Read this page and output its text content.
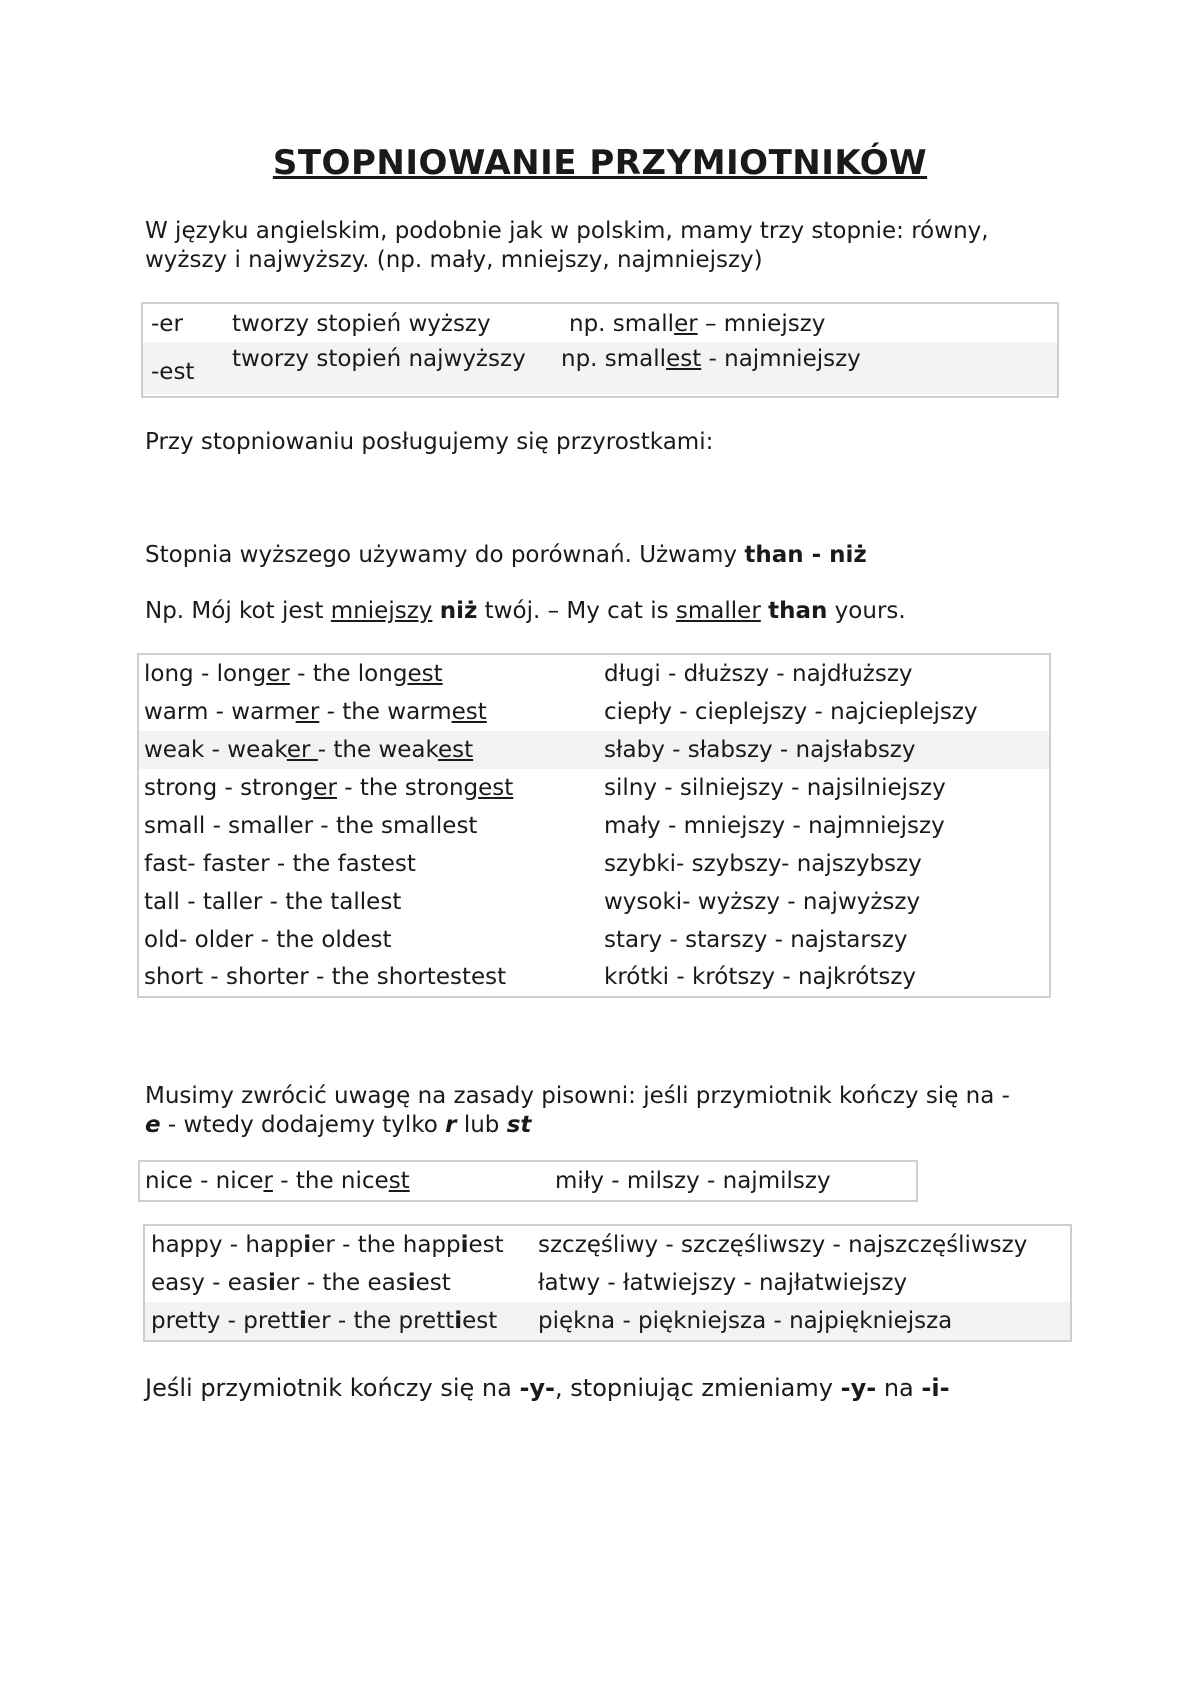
STOPNIOWANIE PRZYMIOTNIKÓW
W języku angielskim, podobnie jak w polskim, mamy trzy stopnie: równy,
wyższy i najwyższy. (np. mały, mniejszy, najmniejszy)
-er tworzy stopień wyższy	np. smaller – mniejszy
-est tworzy stopień najwyższy np. smallest - najmniejszy
Przy stopniowaniu posługujemy się przyrostkami:
Stopnia wyższego używamy do porównań. Użwamy than - niż
Np. Mój kot jest mniejszy niż twój. – My cat is smaller than yours.
long - longer - the longest	długi - dłuższy - najdłuższy
warm - warmer - the warmest	ciepły - cieplejszy - najcieplejszy
weak - weaker - the weakest	słaby - słabszy - najsłabszy
strong - stronger - the strongest	silny - silniejszy - najsilniejszy
small - smaller - the smallest	mały - mniejszy - najmniejszy
fast- faster - the fastest	szybki- szybszy- najszybszy
tall - taller - the tallest	wysoki- wyższy - najwyższy
old- older - the oldest	stary - starszy - najstarszy
short - shorter - the shortestest	krótki - krótszy - najkrótszy
Musimy zwrócić uwagę na zasady pisowni: jeśli przymiotnik kończy się na -
e - wtedy dodajemy tylko r lub st
nice - nicer - the nicest	miły - milszy - najmilszy
happy - happier - the happiest szczęśliwy - szczęśliwszy - najszczęśliwszy
easy - easier - the easiest	łatwy - łatwiejszy - najłatwiejszy
pretty - prettier - the prettiest piękna - piękniejsza - najpiękniejsza
Jeśli przymiotnik kończy się na -y-, stopniując zmieniamy -y- na -i-
